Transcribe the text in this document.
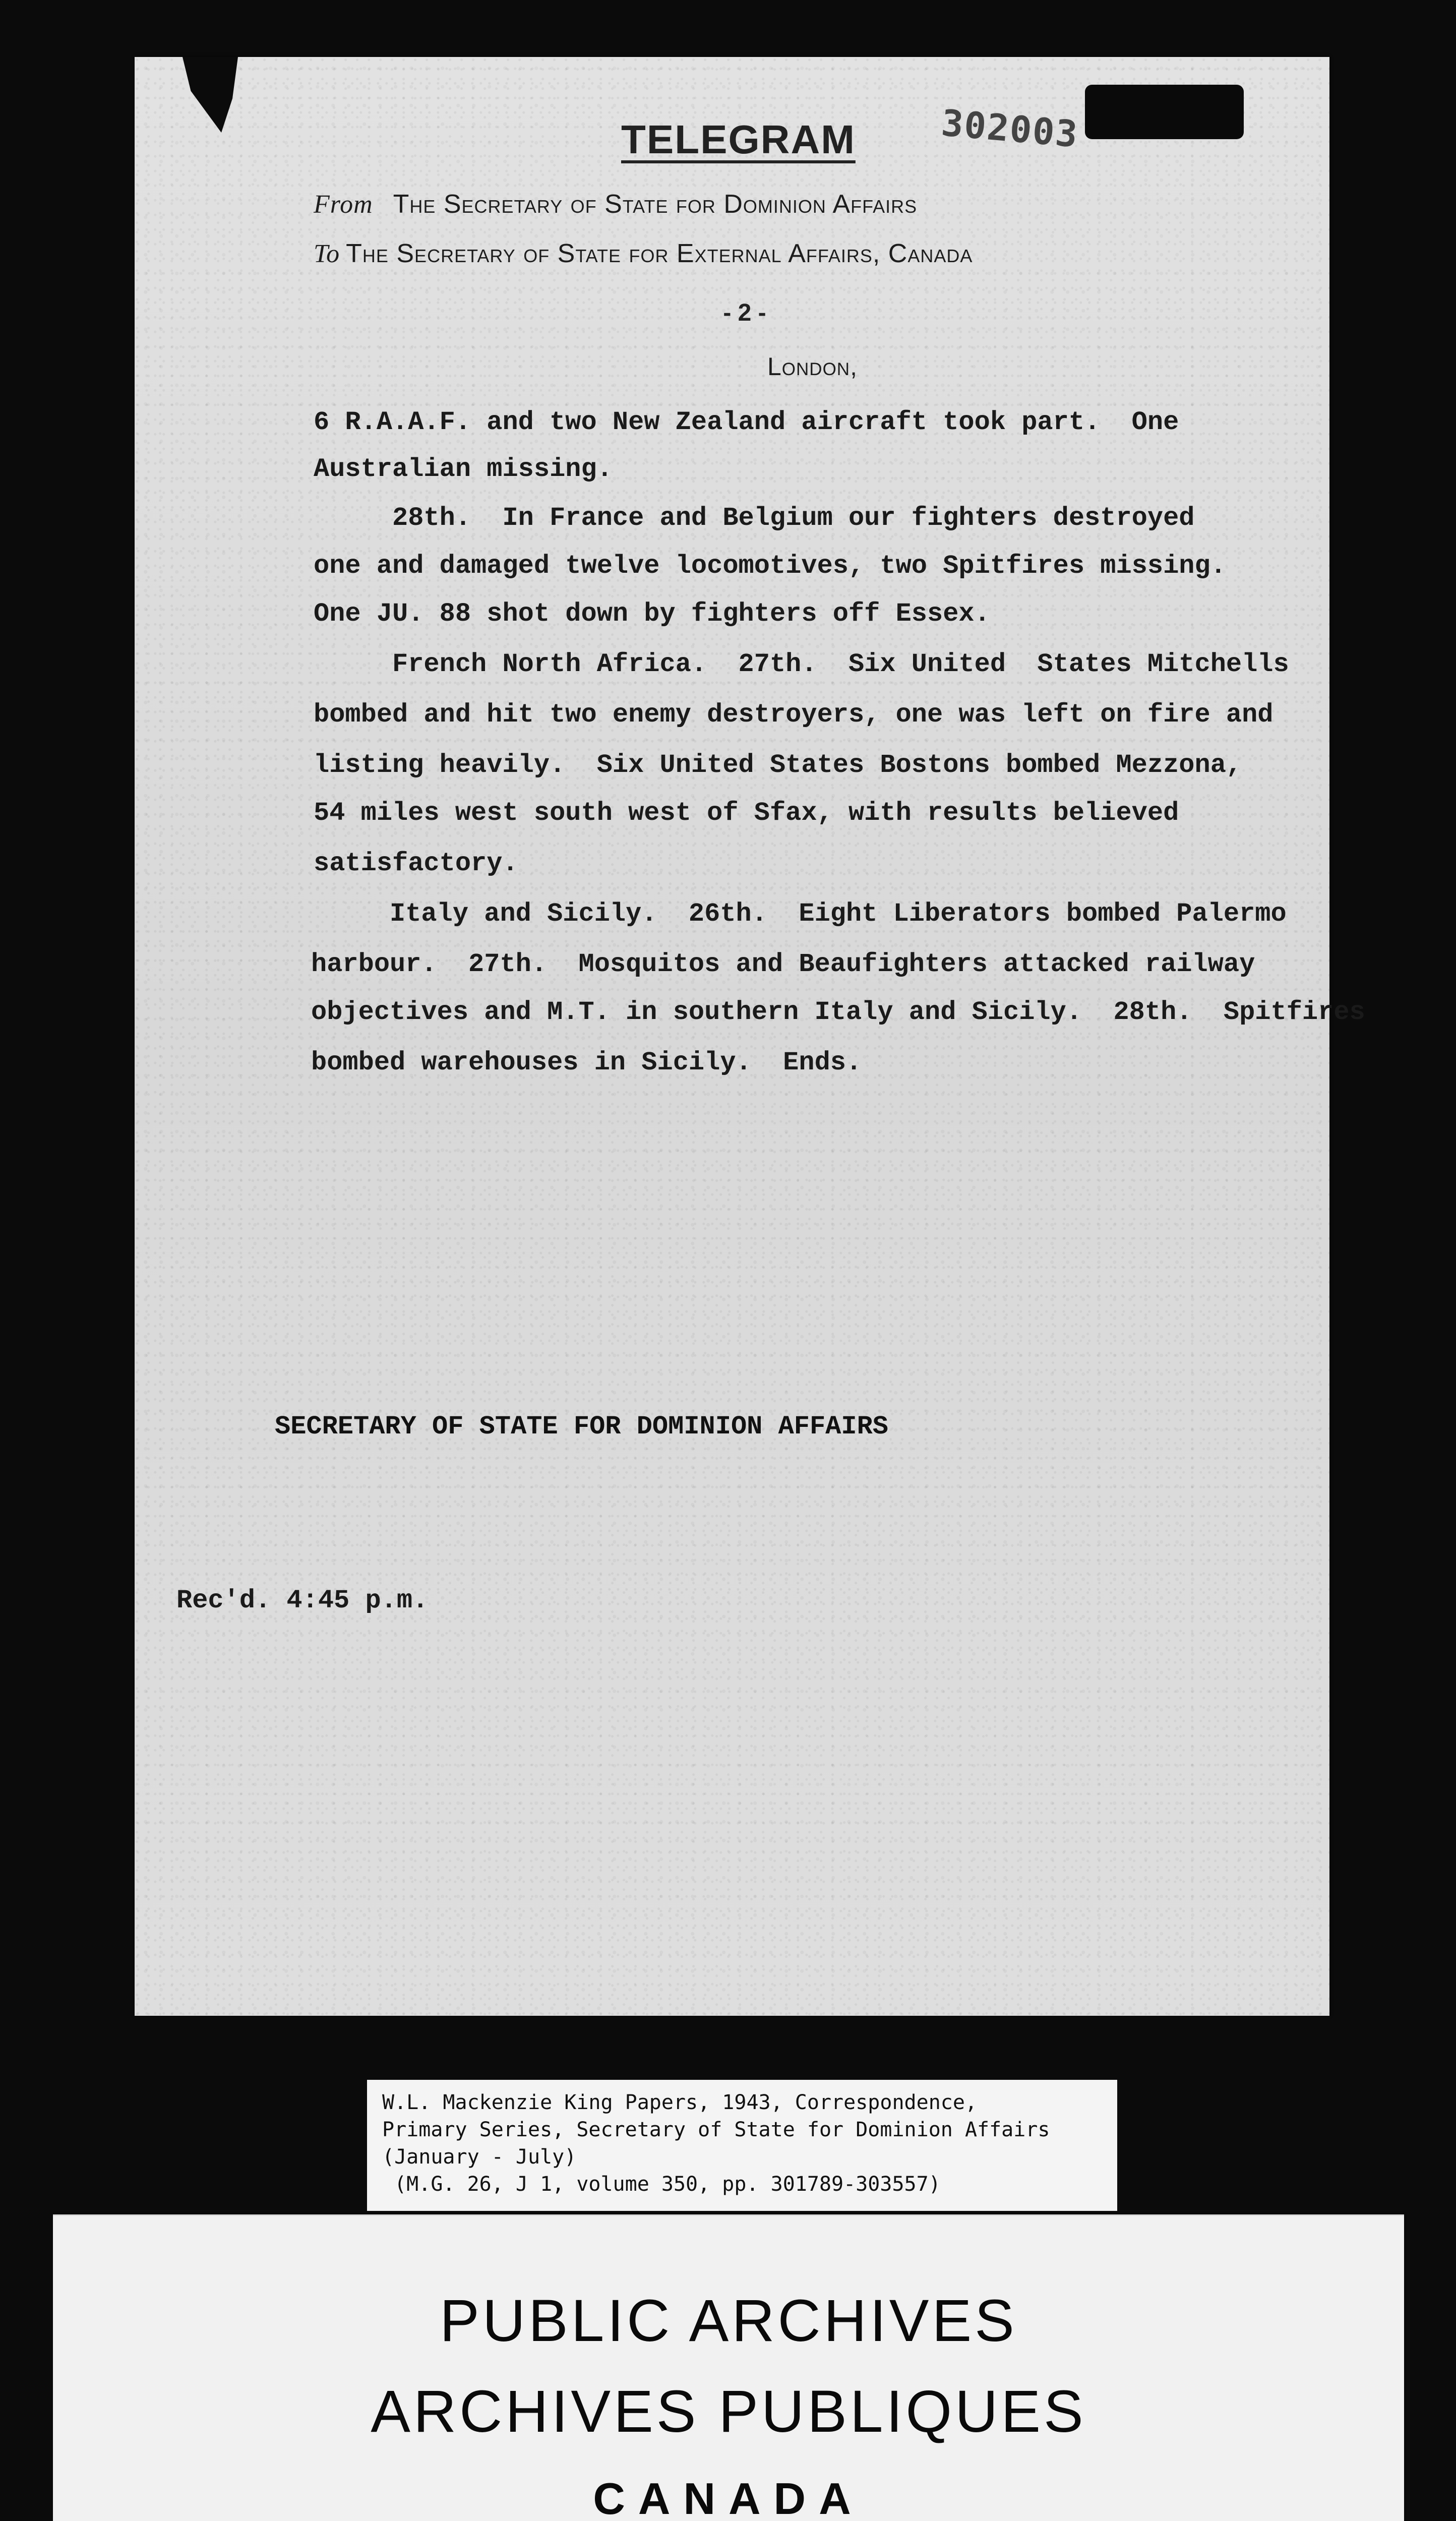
302003
TELEGRAM
From The Secretary of State for Dominion Affairs
To The Secretary of State for External Affairs, Canada
- 2 -
London,
6 R.A.A.F. and two New Zealand aircraft took part.  One
Australian missing.
28th.  In France and Belgium our fighters destroyed
one and damaged twelve locomotives, two Spitfires missing.
One JU. 88 shot down by fighters off Essex.
French North Africa.  27th.  Six United  States Mitchells
bombed and hit two enemy destroyers, one was left on fire and
listing heavily.  Six United States Bostons bombed Mezzona,
54 miles west south west of Sfax, with results believed
satisfactory.
Italy and Sicily.  26th.  Eight Liberators bombed Palermo
harbour.  27th.  Mosquitos and Beaufighters attacked railway
objectives and M.T. in southern Italy and Sicily.  28th.  Spitfires
bombed warehouses in Sicily.  Ends.
SECRETARY OF STATE FOR DOMINION AFFAIRS
Rec'd. 4:45 p.m.
W.L. Mackenzie King Papers, 1943, Correspondence,
Primary Series, Secretary of State for Dominion Affairs
(January - July)
(M.G. 26, J 1, volume 350, pp. 301789-303557)
PUBLIC ARCHIVES
ARCHIVES PUBLIQUES
CANADA
